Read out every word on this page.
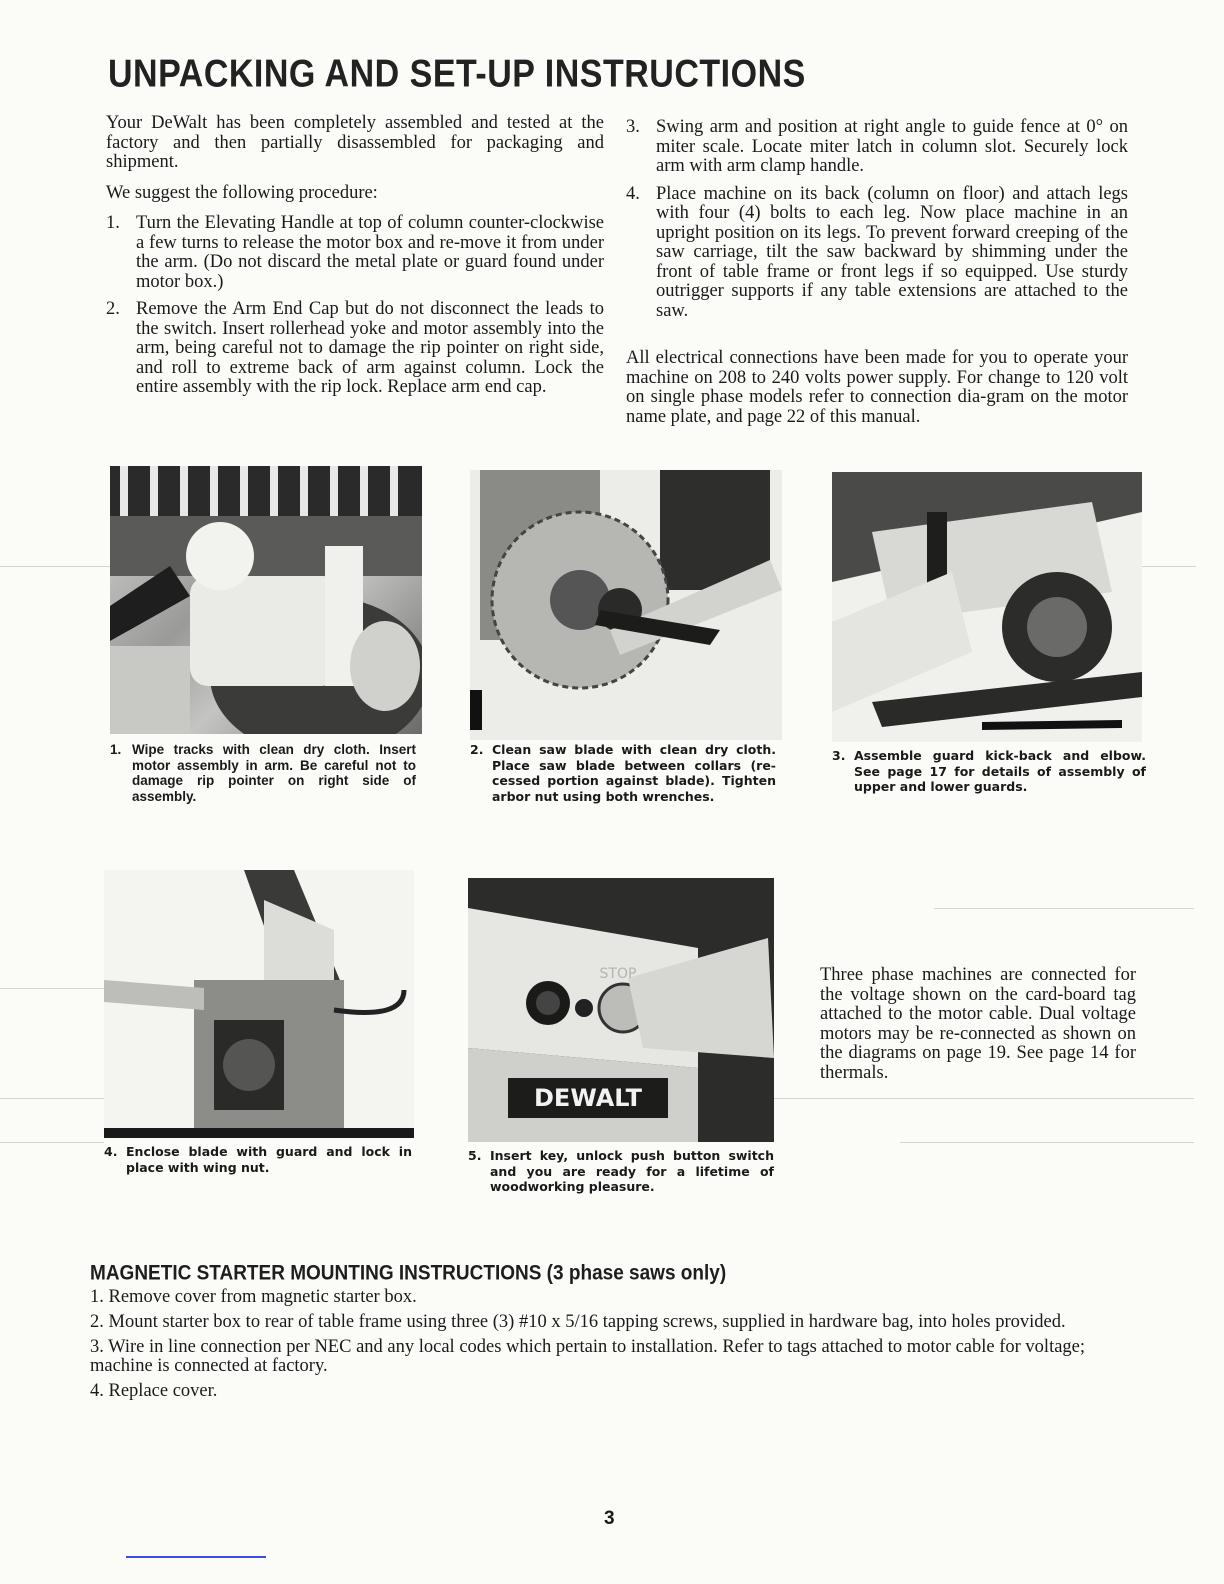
UNPACKING AND SET-UP INSTRUCTIONS

Your DeWalt has been completely assembled and tested at the factory and then partially disassembled for packaging and shipment.

We suggest the following procedure:

1. Turn the Elevating Handle at top of column counter-clockwise a few turns to release the motor box and re-move it from under the arm. (Do not discard the metal plate or guard found under motor box.)
2. Remove the Arm End Cap but do not disconnect the leads to the switch. Insert rollerhead yoke and motor assembly into the arm, being careful not to damage the rip pointer on right side, and roll to extreme back of arm against column. Lock the entire assembly with the rip lock. Replace arm end cap.
3. Swing arm and position at right angle to guide fence at 0° on miter scale. Locate miter latch in column slot. Securely lock arm with arm clamp handle.
4. Place machine on its back (column on floor) and attach legs with four (4) bolts to each leg. Now place machine in an upright position on its legs. To prevent forward creeping of the saw carriage, tilt the saw backward by shimming under the front of table frame or front legs if so equipped. Use sturdy outrigger supports if any table extensions are attached to the saw.

All electrical connections have been made for you to operate your machine on 208 to 240 volts power supply. For change to 120 volt on single phase models refer to connection dia-gram on the motor name plate, and page 22 of this manual.

1. Wipe tracks with clean dry cloth. Insert motor assembly in arm. Be careful not to damage rip pointer on right side of assembly.
2. Clean saw blade with clean dry cloth. Place saw blade between collars (re-cessed portion against blade). Tighten arbor nut using both wrenches.
3. Assemble guard kick-back and elbow. See page 17 for details of assembly of upper and lower guards.
4. Enclose blade with guard and lock in place with wing nut.
DEWALT
STOP
5. Insert key, unlock push button switch and you are ready for a lifetime of woodworking pleasure.

Three phase machines are connected for the voltage shown on the card-board tag attached to the motor cable. Dual voltage motors may be re-connected as shown on the diagrams on page 19. See page 14 for thermals.

MAGNETIC STARTER MOUNTING INSTRUCTIONS (3 phase saws only)
1. Remove cover from magnetic starter box.
2. Mount starter box to rear of table frame using three (3) #10 x 5/16 tapping screws, supplied in hardware bag, into holes provided.
3. Wire in line connection per NEC and any local codes which pertain to installation. Refer to tags attached to motor cable for voltage; machine is connected at factory.
4. Replace cover.
3
